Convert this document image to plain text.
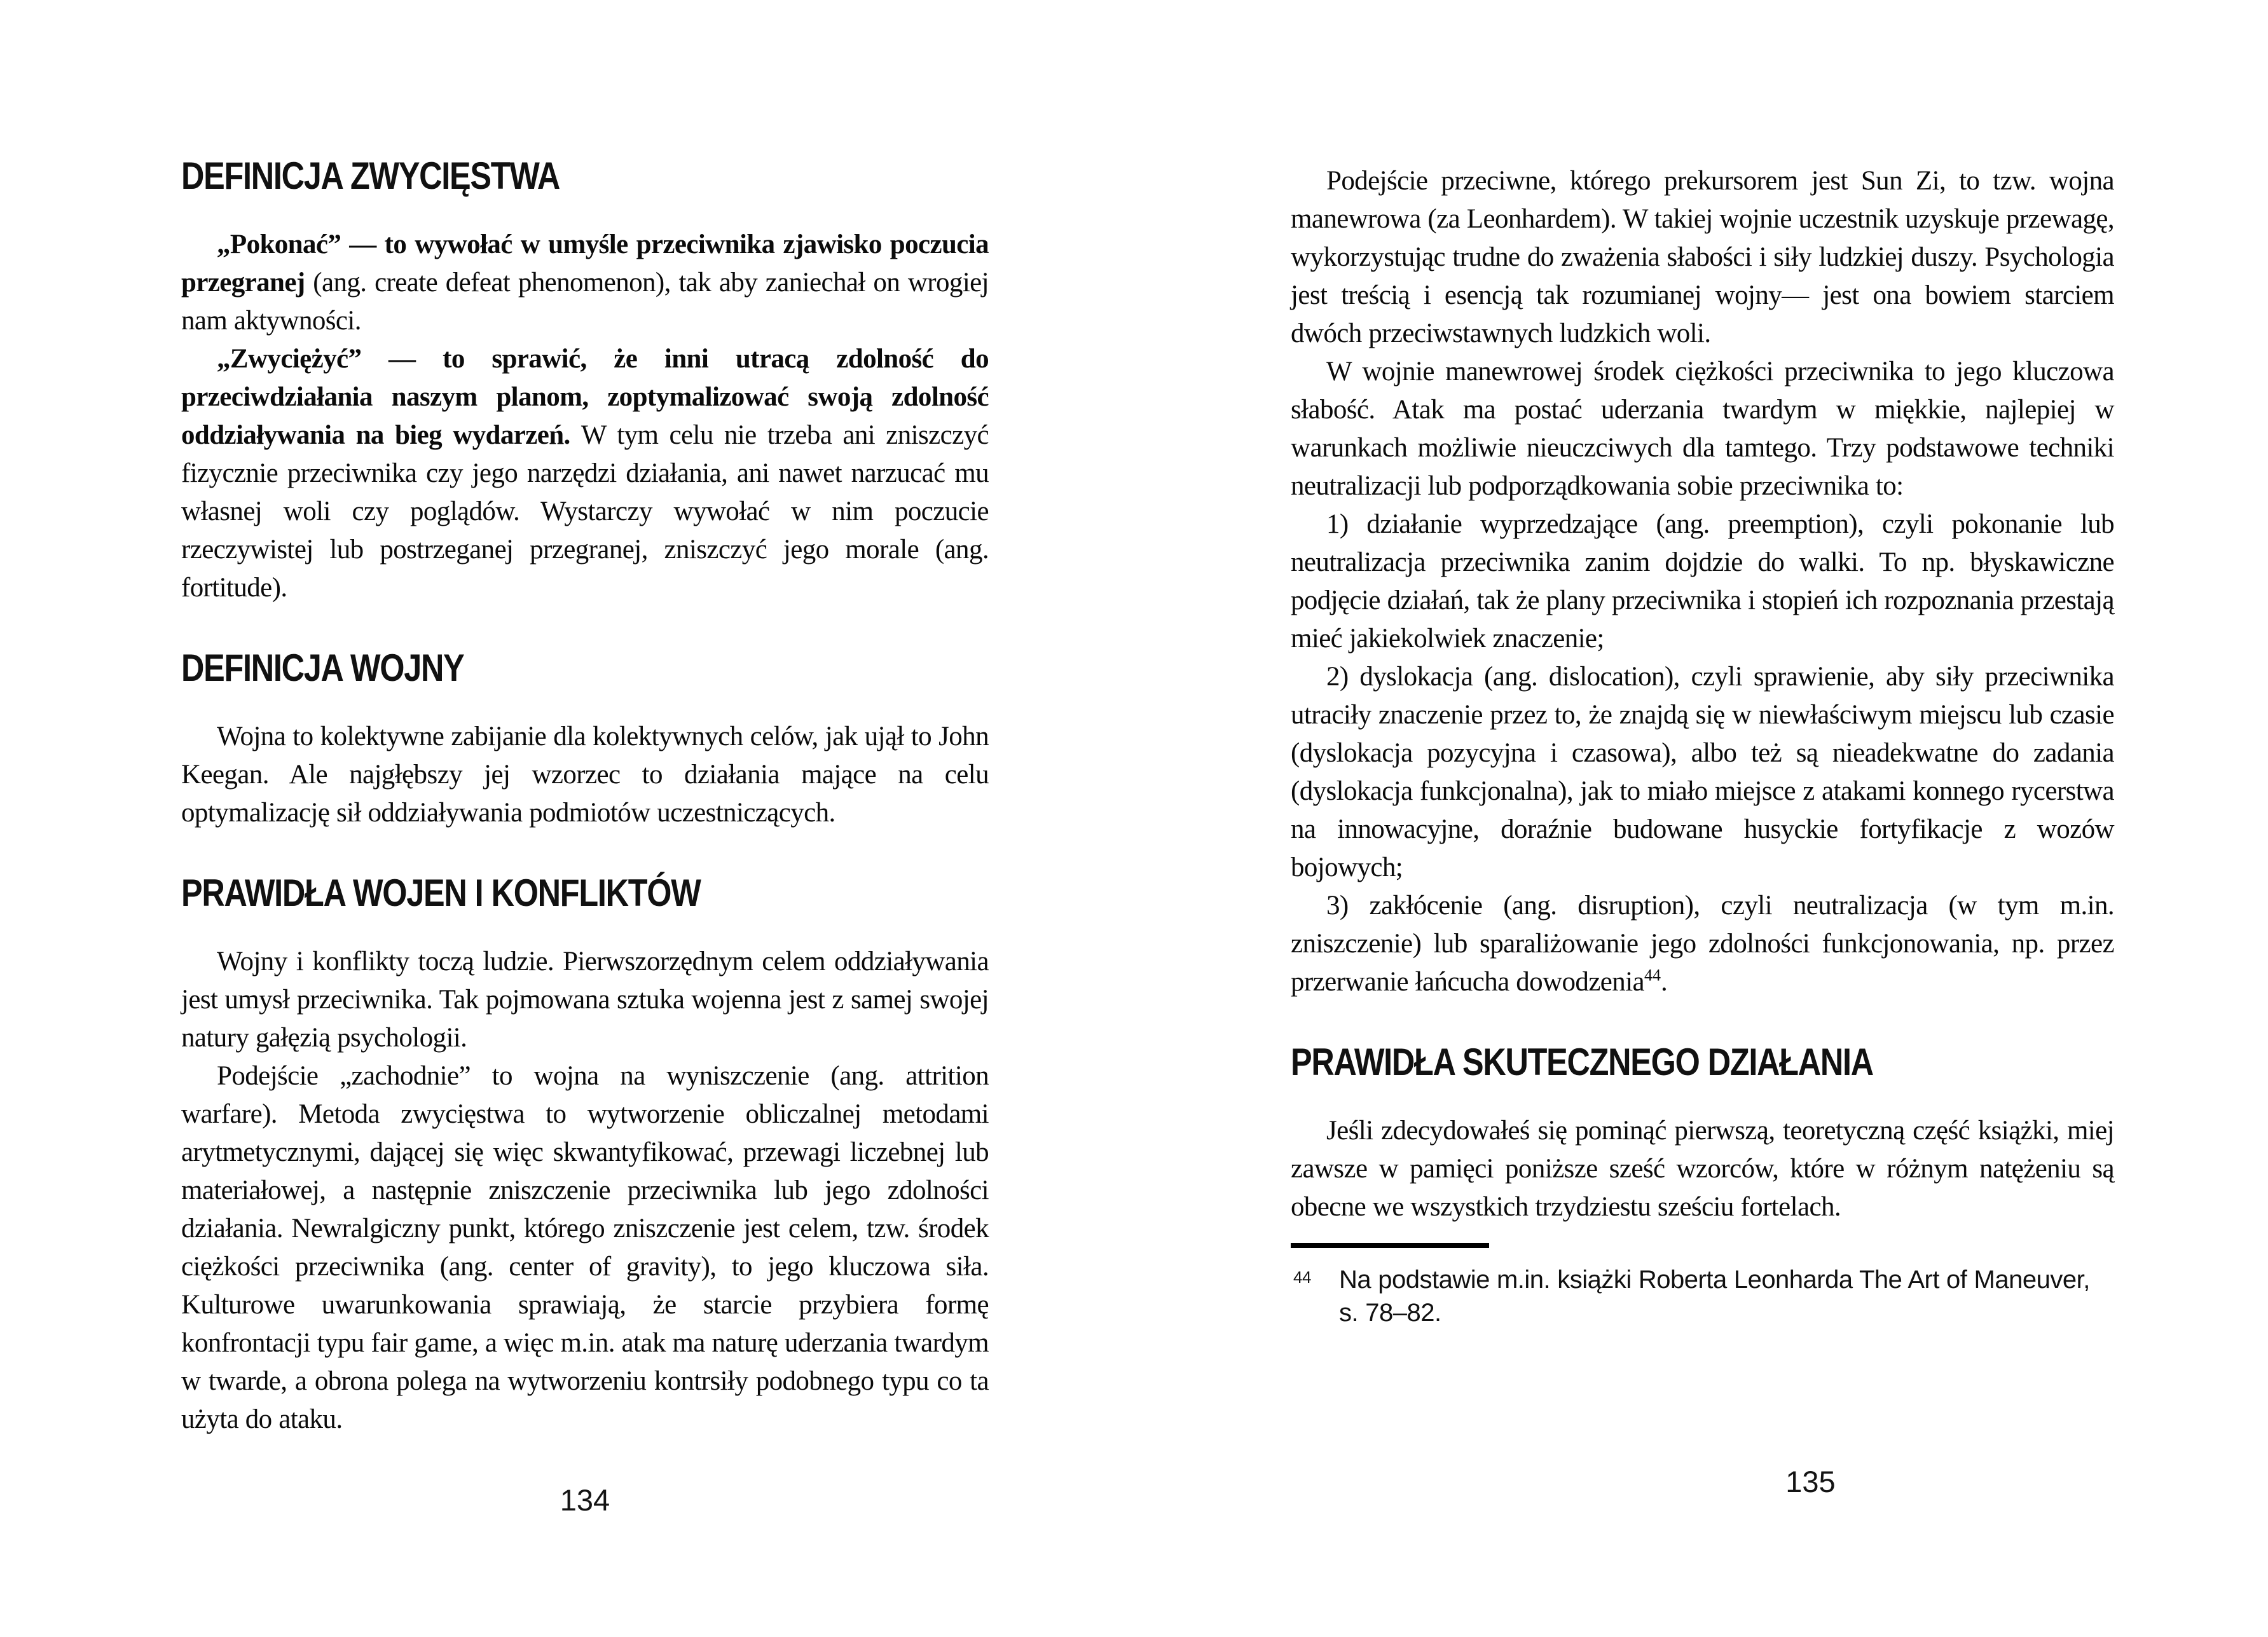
DEFINICJA ZWYCIĘSTWA

„Pokonać” — to wywołać w umyśle przeciwnika zjawisko poczucia przegranej (ang. create defeat phenomenon), tak aby zaniechał on wrogiej nam aktywności.

„Zwyciężyć” — to sprawić, że inni utracą zdolność do przeciwdziałania naszym planom, zoptymalizować swoją zdolność oddziaływania na bieg wydarzeń. W tym celu nie trzeba ani zniszczyć fizycznie przeciwnika czy jego narzędzi działania, ani nawet narzucać mu własnej woli czy poglądów. Wystarczy wywołać w nim poczucie rzeczywistej lub postrzeganej przegranej, zniszczyć jego morale (ang. fortitude).

DEFINICJA WOJNY

Wojna to kolektywne zabijanie dla kolektywnych celów, jak ujął to John Keegan. Ale najgłębszy jej wzorzec to działania mające na celu optymalizację sił oddziaływania podmiotów uczestniczących.

PRAWIDŁA WOJEN I KONFLIKTÓW

Wojny i konflikty toczą ludzie. Pierwszorzędnym celem oddziaływania jest umysł przeciwnika. Tak pojmowana sztuka wojenna jest z samej swojej natury gałęzią psychologii.

Podejście „zachodnie” to wojna na wyniszczenie (ang. attrition warfare). Metoda zwycięstwa to wytworzenie obliczalnej metodami arytmetycznymi, dającej się więc skwantyfikować, przewagi liczebnej lub materiałowej, a następnie zniszczenie przeciwnika lub jego zdolności działania. Newralgiczny punkt, którego zniszczenie jest celem, tzw. środek ciężkości przeciwnika (ang. center of gravity), to jego kluczowa siła. Kulturowe uwarunkowania sprawiają, że starcie przybiera formę konfrontacji typu fair game, a więc m.in. atak ma naturę uderzania twardym w twarde, a obrona polega na wytworzeniu kontrsiły podobnego typu co ta użyta do ataku.

134

Podejście przeciwne, którego prekursorem jest Sun Zi, to tzw. wojna manewrowa (za Leonhardem). W takiej wojnie uczestnik uzyskuje przewagę, wykorzystując trudne do zważenia słabości i siły ludzkiej duszy. Psychologia jest treścią i esencją tak rozumianej wojny— jest ona bowiem starciem dwóch przeciwstawnych ludzkich woli.

W wojnie manewrowej środek ciężkości przeciwnika to jego kluczowa słabość. Atak ma postać uderzania twardym w miękkie, najlepiej w warunkach możliwie nieuczciwych dla tamtego. Trzy podstawowe techniki neutralizacji lub podporządkowania sobie przeciwnika to:

1) działanie wyprzedzające (ang. preemption), czyli pokonanie lub neutralizacja przeciwnika zanim dojdzie do walki. To np. błyskawiczne podjęcie działań, tak że plany przeciwnika i stopień ich rozpoznania przestają mieć jakiekolwiek znaczenie;

2) dyslokacja (ang. dislocation), czyli sprawienie, aby siły przeciwnika utraciły znaczenie przez to, że znajdą się w niewłaściwym miejscu lub czasie (dyslokacja pozycyjna i czasowa), albo też są nieadekwatne do zadania (dyslokacja funkcjonalna), jak to miało miejsce z atakami konnego rycerstwa na innowacyjne, doraźnie budowane husyckie fortyfikacje z wozów bojowych;

3) zakłócenie (ang. disruption), czyli neutralizacja (w tym m.in. zniszczenie) lub sparaliżowanie jego zdolności funkcjonowania, np. przez przerwanie łańcucha dowodzenia$^{44}$.

PRAWIDŁA SKUTECZNEGO DZIAŁANIA

Jeśli zdecydowałeś się pominąć pierwszą, teoretyczną część książki, miej zawsze w pamięci poniższe sześć wzorców, które w różnym natężeniu są obecne we wszystkich trzydziestu sześciu fortelach.

44 Na podstawie m.in. książki Roberta Leonharda The Art of Maneuver, s. 78–82.
135
